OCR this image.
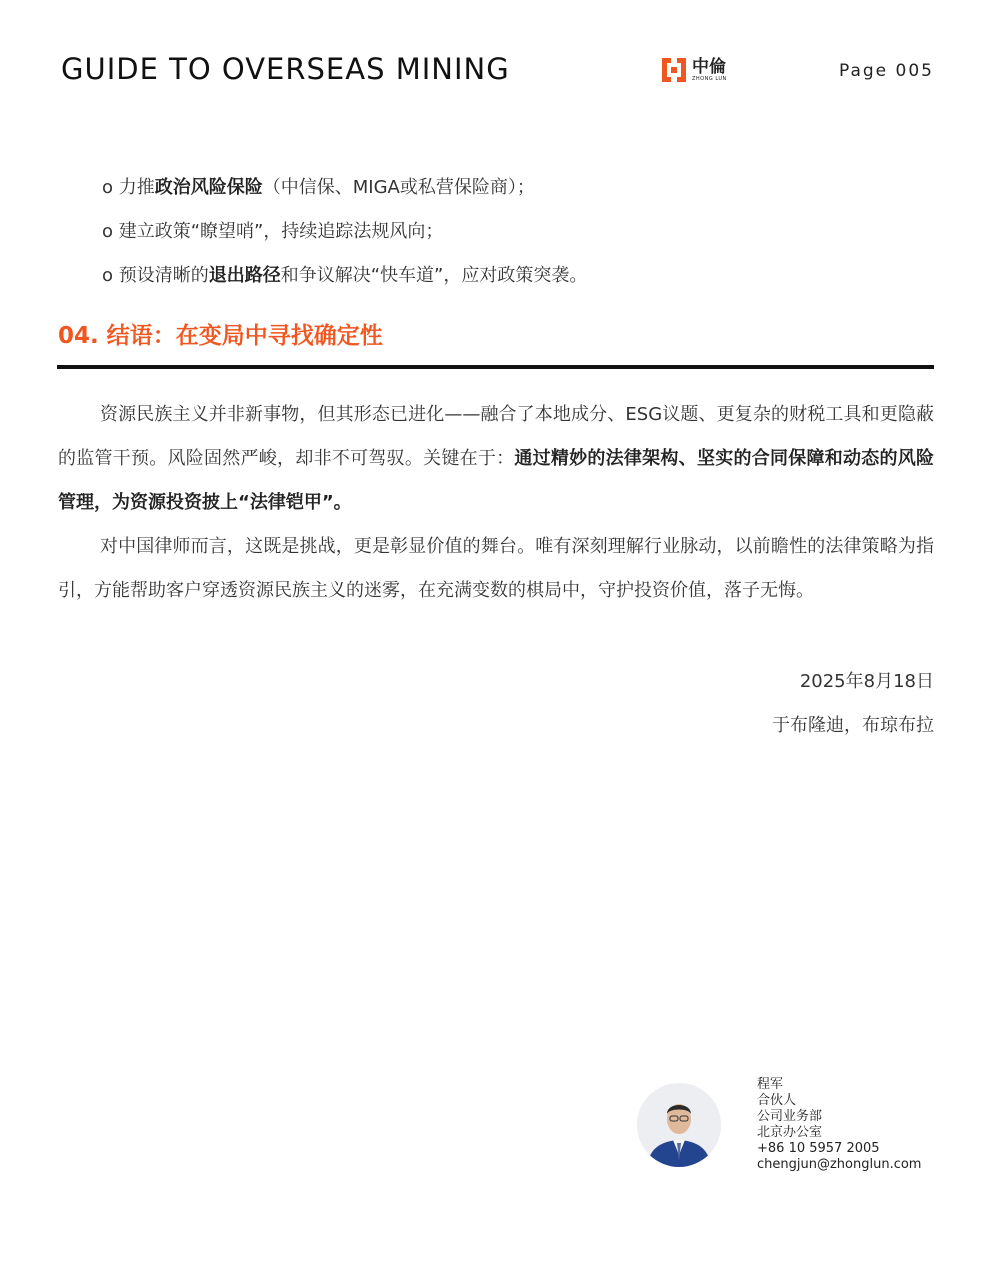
GUIDE TO OVERSEAS MINING	中倫
ZHONG LUN	Page 005
o 力推政治风险保险（中信保、MIGA或私营保险商）；
o 建立政策“瞭望哨”，持续追踪法规风向；
o 预设清晰的退出路径和争议解决“快车道”，应对政策突袭。
04. 结语：在变局中寻找确定性
资源民族主义并非新事物，但其形态已进化——融合了本地成分、ESG议题、更复杂的财税工具和更隐蔽的监管干预。风险固然严峻，却非不可驾驭。关键在于：通过精妙的法律架构、坚实的合同保障和动态的风险管理，为资源投资披上“法律铠甲”。
对中国律师而言，这既是挑战，更是彰显价值的舞台。唯有深刻理解行业脉动，以前瞻性的法律策略为指引，方能帮助客户穿透资源民族主义的迷雾，在充满变数的棋局中，守护投资价值，落子无悔。
2025年8月18日
于布隆迪，布琼布拉
程军
合伙人
公司业务部
北京办公室
+86 10 5957 2005
chengjun@zhonglun.com
